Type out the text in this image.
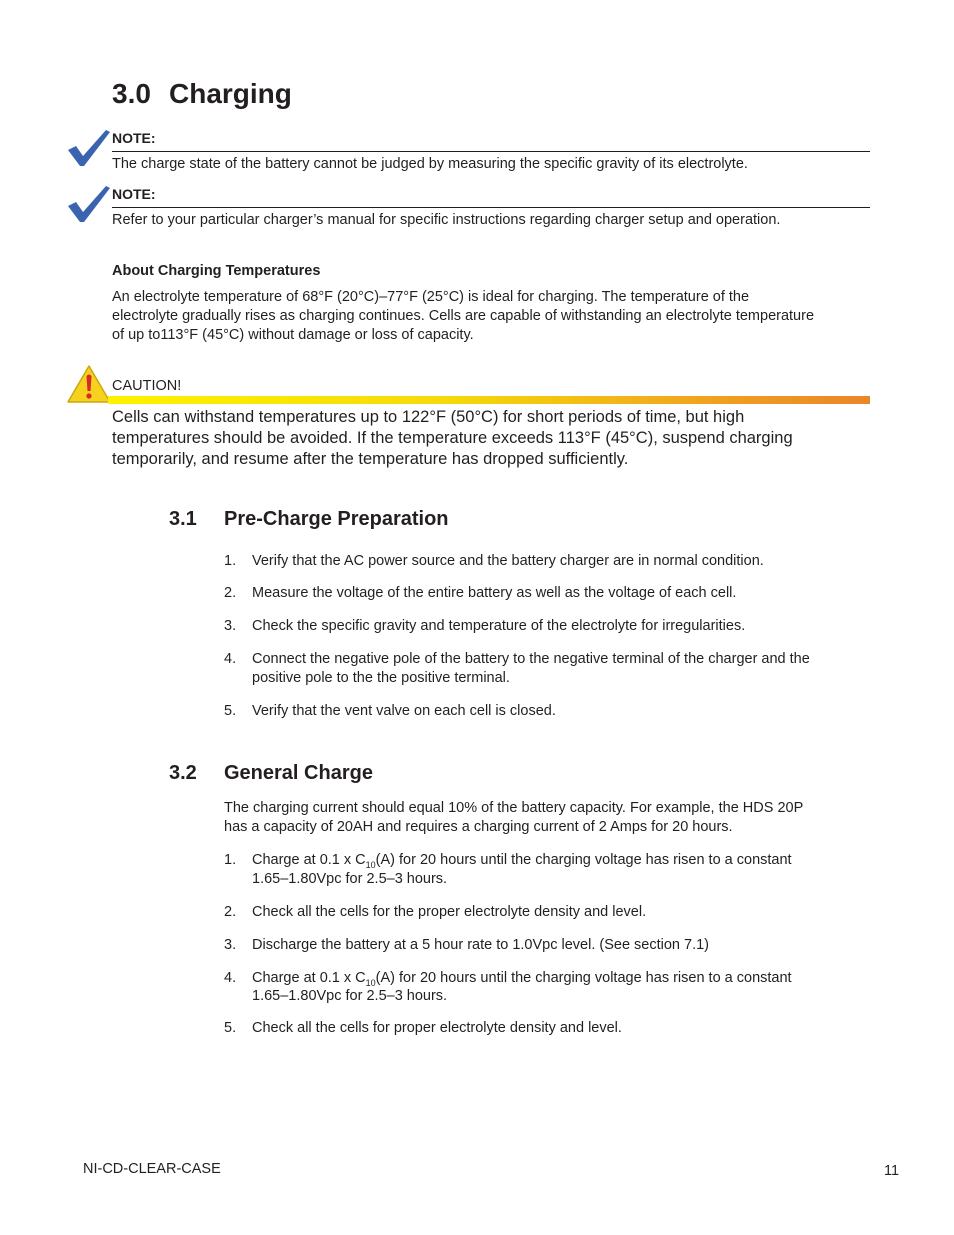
3.0 Charging
NOTE:
The charge state of the battery cannot be judged by measuring the specific gravity of its electrolyte.
NOTE:
Refer to your particular charger’s manual for specific instructions regarding charger setup and operation.
About Charging Temperatures
An electrolyte temperature of 68°F (20°C)–77°F (25°C) is ideal for charging. The temperature of the
electrolyte gradually rises as charging continues. Cells are capable of withstanding an electrolyte temperature
of up to113°F (45°C) without damage or loss of capacity.
CAUTION!
Cells can withstand temperatures up to 122°F (50°C) for short periods of time, but high
temperatures should be avoided. If the temperature exceeds 113°F (45°C), suspend charging
temporarily, and resume after the temperature has dropped sufficiently.
3.1 Pre-Charge Preparation
1. Verify that the AC power source and the battery charger are in normal condition.
2. Measure the voltage of the entire battery as well as the voltage of each cell.
3. Check the specific gravity and temperature of the electrolyte for irregularities.
4. Connect the negative pole of the battery to the negative terminal of the charger and the
positive pole to the the positive terminal.
5. Verify that the vent valve on each cell is closed.
3.2 General Charge
The charging current should equal 10% of the battery capacity. For example, the HDS 20P
has a capacity of 20AH and requires a charging current of 2 Amps for 20 hours.
1. Charge at 0.1 x $C_{10}(A)$ for 20 hours until the charging voltage has risen to a constant
1.65–1.80Vpc for 2.5–3 hours.
2. Check all the cells for the proper electrolyte density and level.
3. Discharge the battery at a 5 hour rate to 1.0Vpc level. (See section 7.1)
4. Charge at 0.1 x $C_{10}(A)$ for 20 hours until the charging voltage has risen to a constant
1.65–1.80Vpc for 2.5–3 hours.
5. Check all the cells for proper electrolyte density and level.
NI-CD-CLEAR-CASE	11
